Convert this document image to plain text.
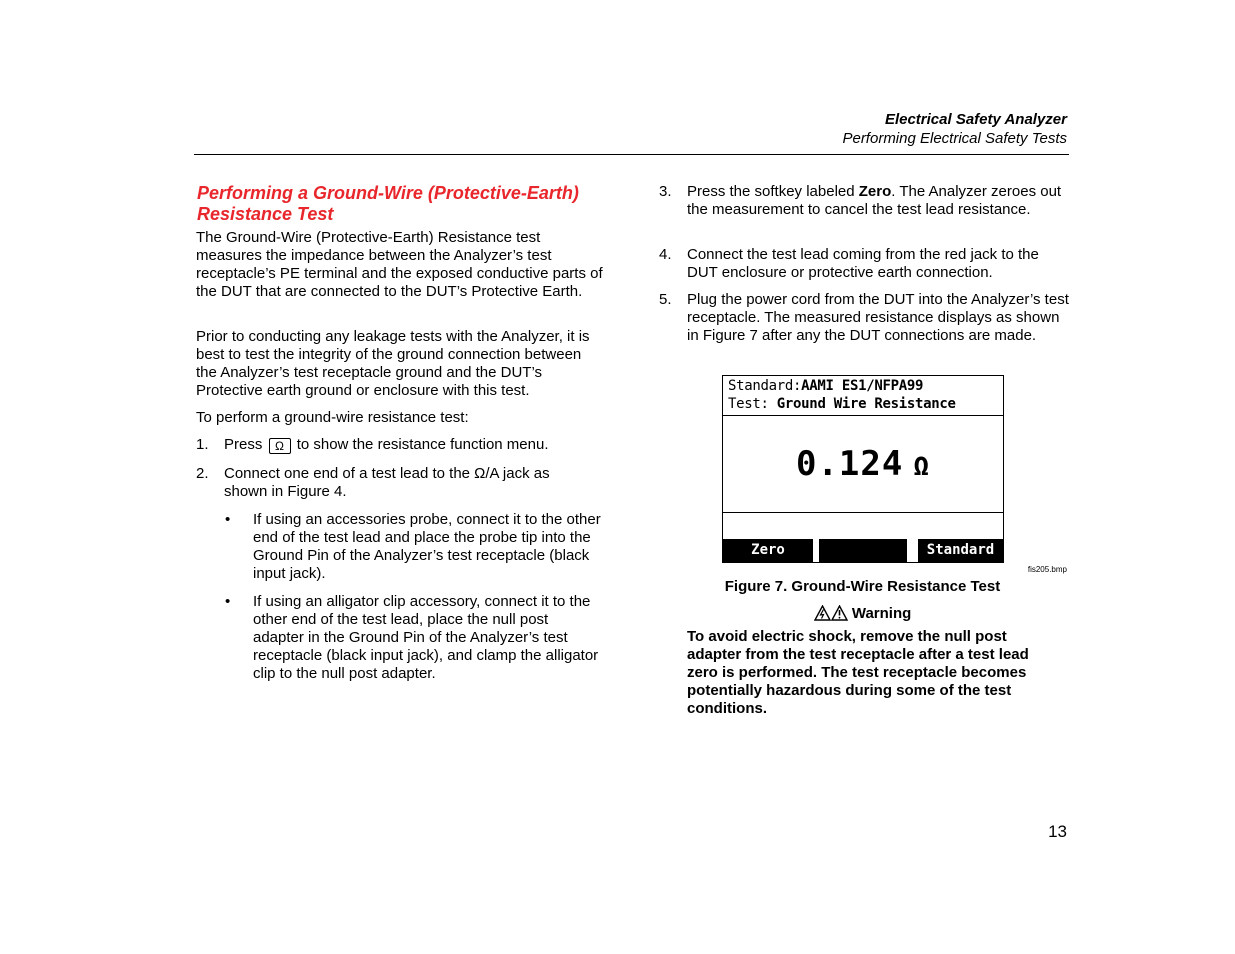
Electrical Safety Analyzer
Performing Electrical Safety Tests
Performing a Ground-Wire (Protective-Earth) Resistance Test
The Ground-Wire (Protective-Earth) Resistance test measures the impedance between the Analyzer’s test receptacle’s PE terminal and the exposed conductive parts of the DUT that are connected to the DUT’s Protective Earth.
Prior to conducting any leakage tests with the Analyzer, it is best to test the integrity of the ground connection between the Analyzer’s test receptacle ground and the DUT’s Protective earth ground or enclosure with this test.
To perform a ground-wire resistance test:
1. Press Ω to show the resistance function menu.
2. Connect one end of a test lead to the Ω/A jack as shown in Figure 4.
• If using an accessories probe, connect it to the other end of the test lead and place the probe tip into the Ground Pin of the Analyzer’s test receptacle (black input jack).
• If using an alligator clip accessory, connect it to the other end of the test lead, place the null post adapter in the Ground Pin of the Analyzer’s test receptacle (black input jack), and clamp the alligator clip to the null post adapter.
3. Press the softkey labeled Zero. The Analyzer zeroes out the measurement to cancel the test lead resistance.
4. Connect the test lead coming from the red jack to the DUT enclosure or protective earth connection.
5. Plug the power cord from the DUT into the Analyzer’s test receptacle. The measured resistance displays as shown in Figure 7 after any the DUT connections are made.
Standard:AAMI ES1/NFPA99
Test: Ground Wire Resistance
0.124 Ω
Zero	Standard
fis205.bmp
Figure 7. Ground-Wire Resistance Test
Warning
To avoid electric shock, remove the null post adapter from the test receptacle after a test lead zero is performed. The test receptacle becomes potentially hazardous during some of the test conditions.
13
